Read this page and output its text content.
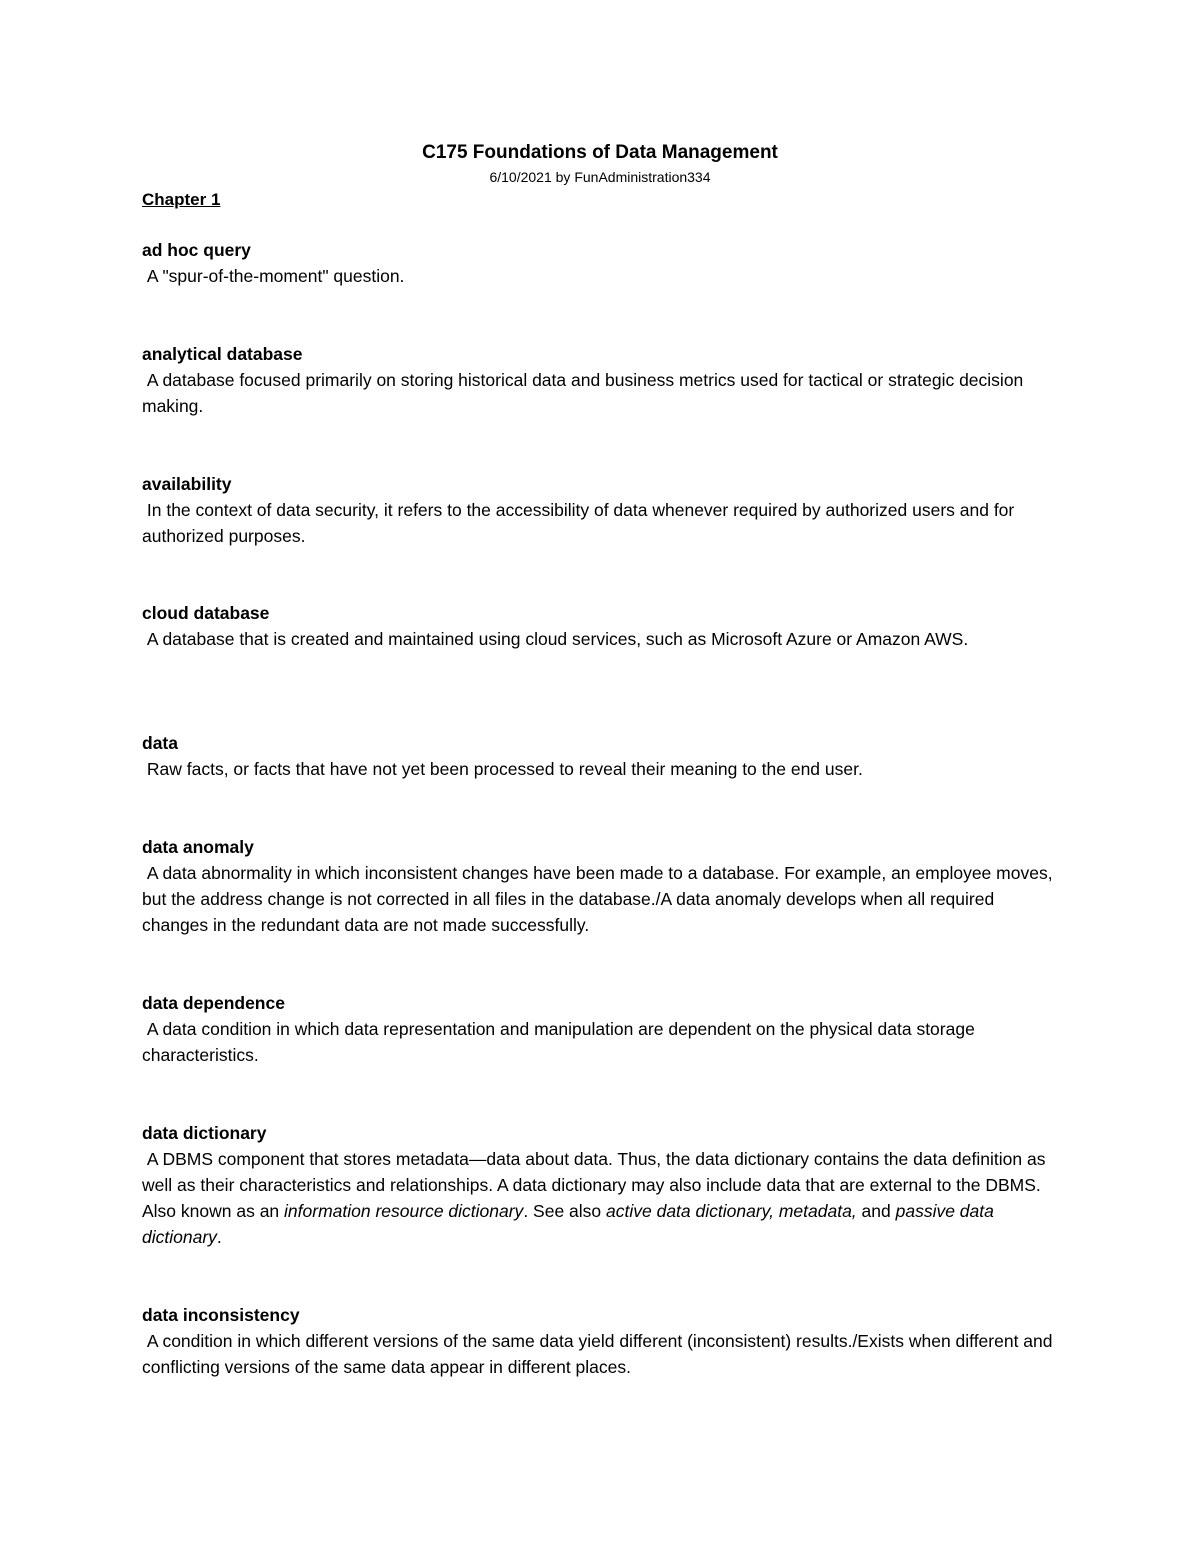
C175 Foundations of Data Management

6/10/2021 by FunAdministration334

Chapter 1

ad hoc query

A "spur-of-the-moment" question.

analytical database

A database focused primarily on storing historical data and business metrics used for tactical or strategic decision making.

availability

In the context of data security, it refers to the accessibility of data whenever required by authorized users and for authorized purposes.

cloud database

A database that is created and maintained using cloud services, such as Microsoft Azure or Amazon AWS.

data

Raw facts, or facts that have not yet been processed to reveal their meaning to the end user.

data anomaly

A data abnormality in which inconsistent changes have been made to a database. For example, an employee moves, but the address change is not corrected in all files in the database./A data anomaly develops when all required changes in the redundant data are not made successfully.

data dependence

A data condition in which data representation and manipulation are dependent on the physical data storage characteristics.

data dictionary

A DBMS component that stores metadata—data about data. Thus, the data dictionary contains the data definition as well as their characteristics and relationships. A data dictionary may also include data that are external to the DBMS. Also known as an information resource dictionary. See also active data dictionary, metadata, and passive data dictionary.

data inconsistency

A condition in which different versions of the same data yield different (inconsistent) results./Exists when different and conflicting versions of the same data appear in different places.
